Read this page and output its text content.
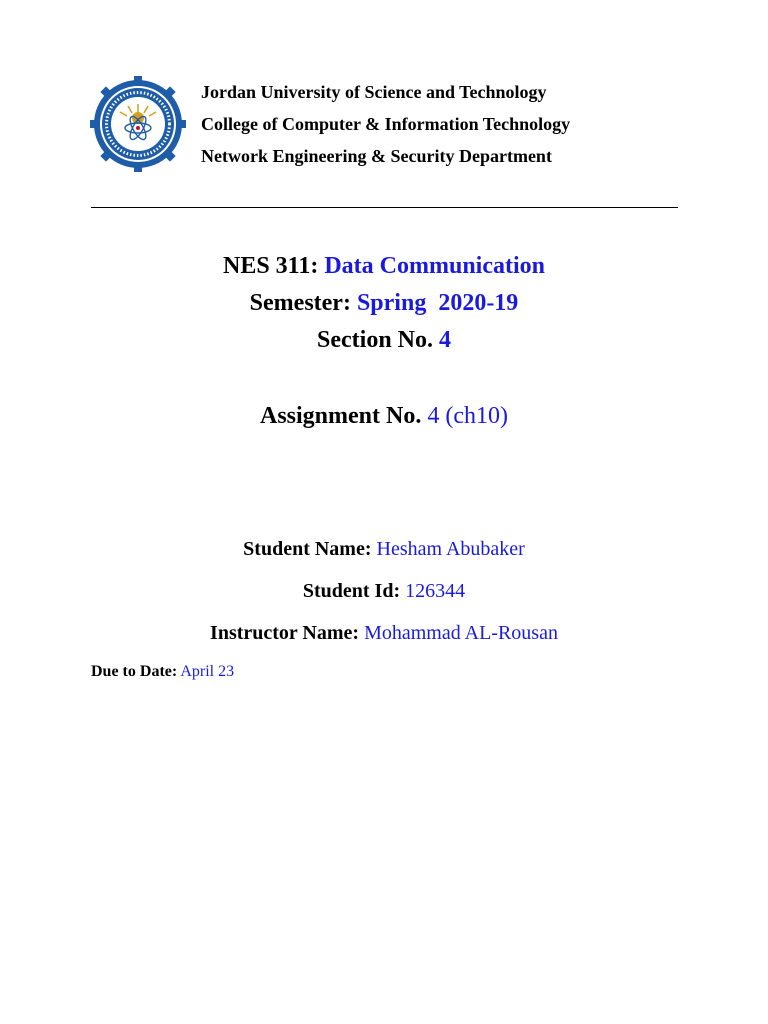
Jordan University of Science and Technology
College of Computer & Information Technology
Network Engineering & Security Department
NES 311: Data Communication
Semester: Spring  2020-19
Section No. 4
Assignment No. 4 (ch10)
Student Name: Hesham Abubaker
Student Id: 126344
Instructor Name: Mohammad AL-Rousan
Due to Date: April 23
